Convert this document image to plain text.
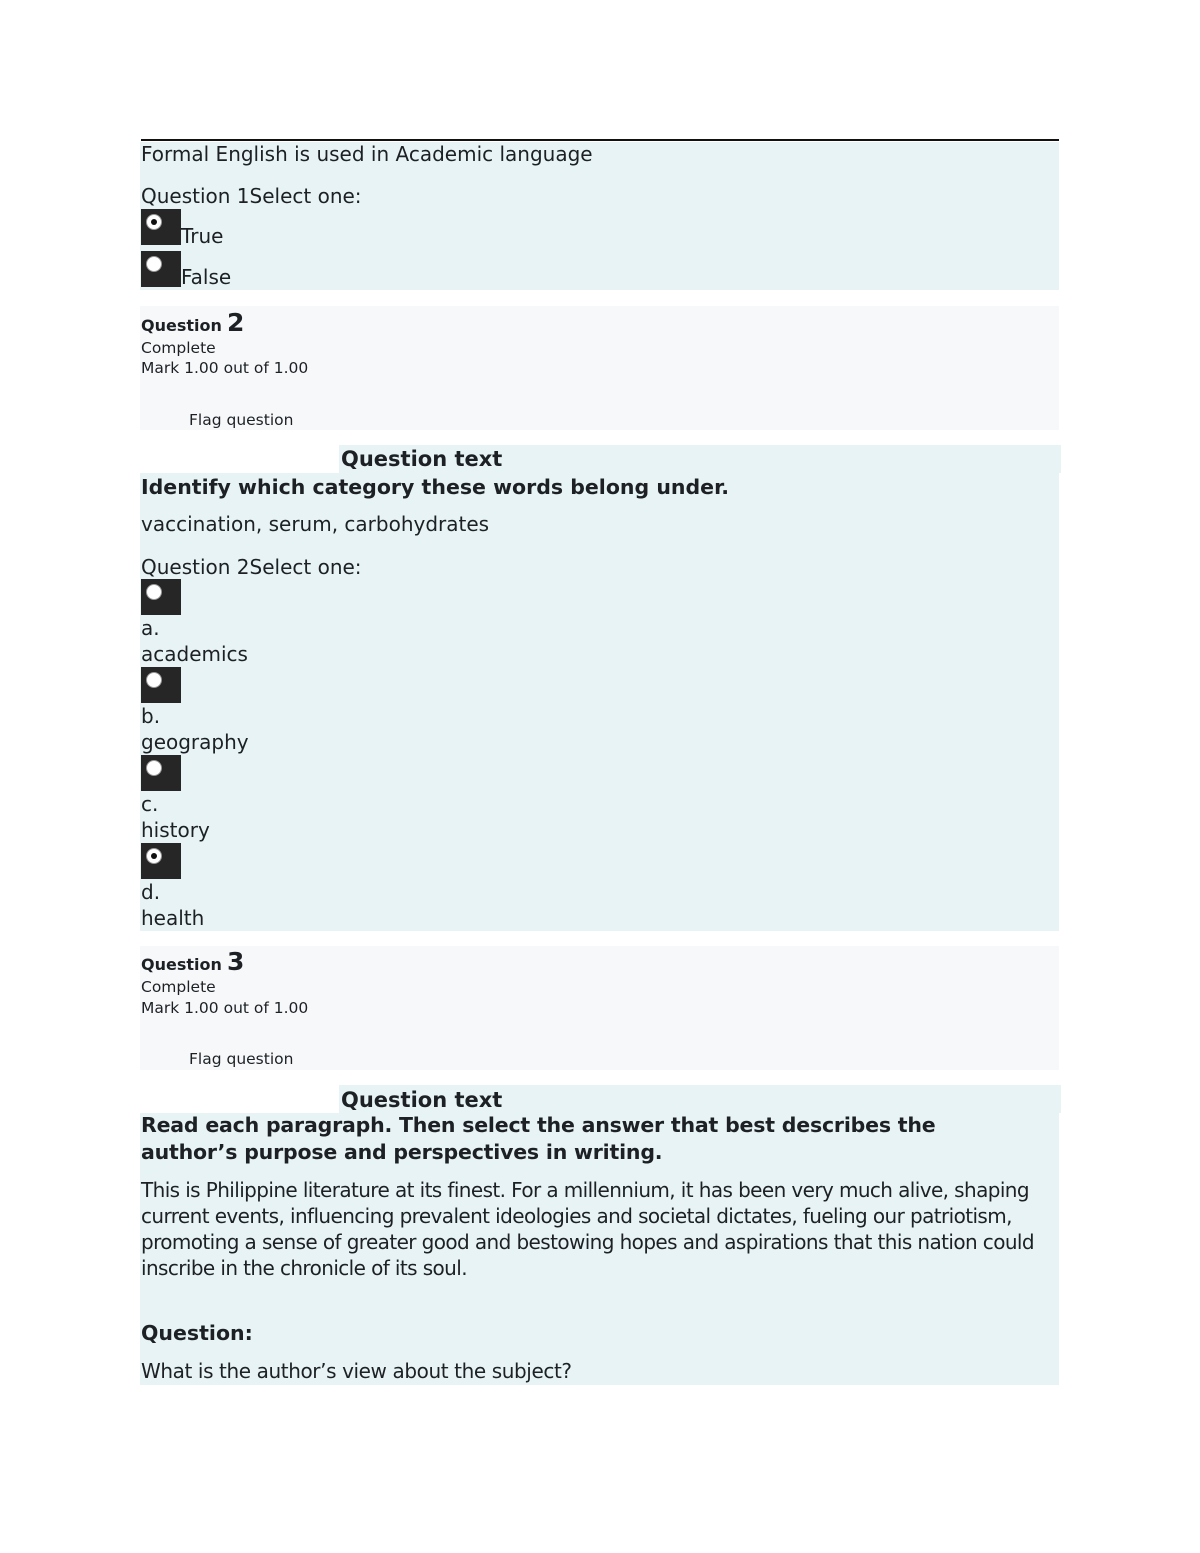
Formal English is used in Academic language
Question 1Select one:
True
False
Question 2
Complete
Mark 1.00 out of 1.00
Flag question
Question text
Identify which category these words belong under.
vaccination, serum, carbohydrates
Question 2Select one:
a.
academics
b.
geography
c.
history
d.
health
Question 3
Complete
Mark 1.00 out of 1.00
Flag question
Question text
Read each paragraph. Then select the answer that best describes the
author’s purpose and perspectives in writing.
This is Philippine literature at its finest. For a millennium, it has been very much alive, shaping current events, influencing prevalent ideologies and societal dictates, fueling our patriotism, promoting a sense of greater good and bestowing hopes and aspirations that this nation could inscribe in the chronicle of its soul.
Question:
What is the author’s view about the subject?
